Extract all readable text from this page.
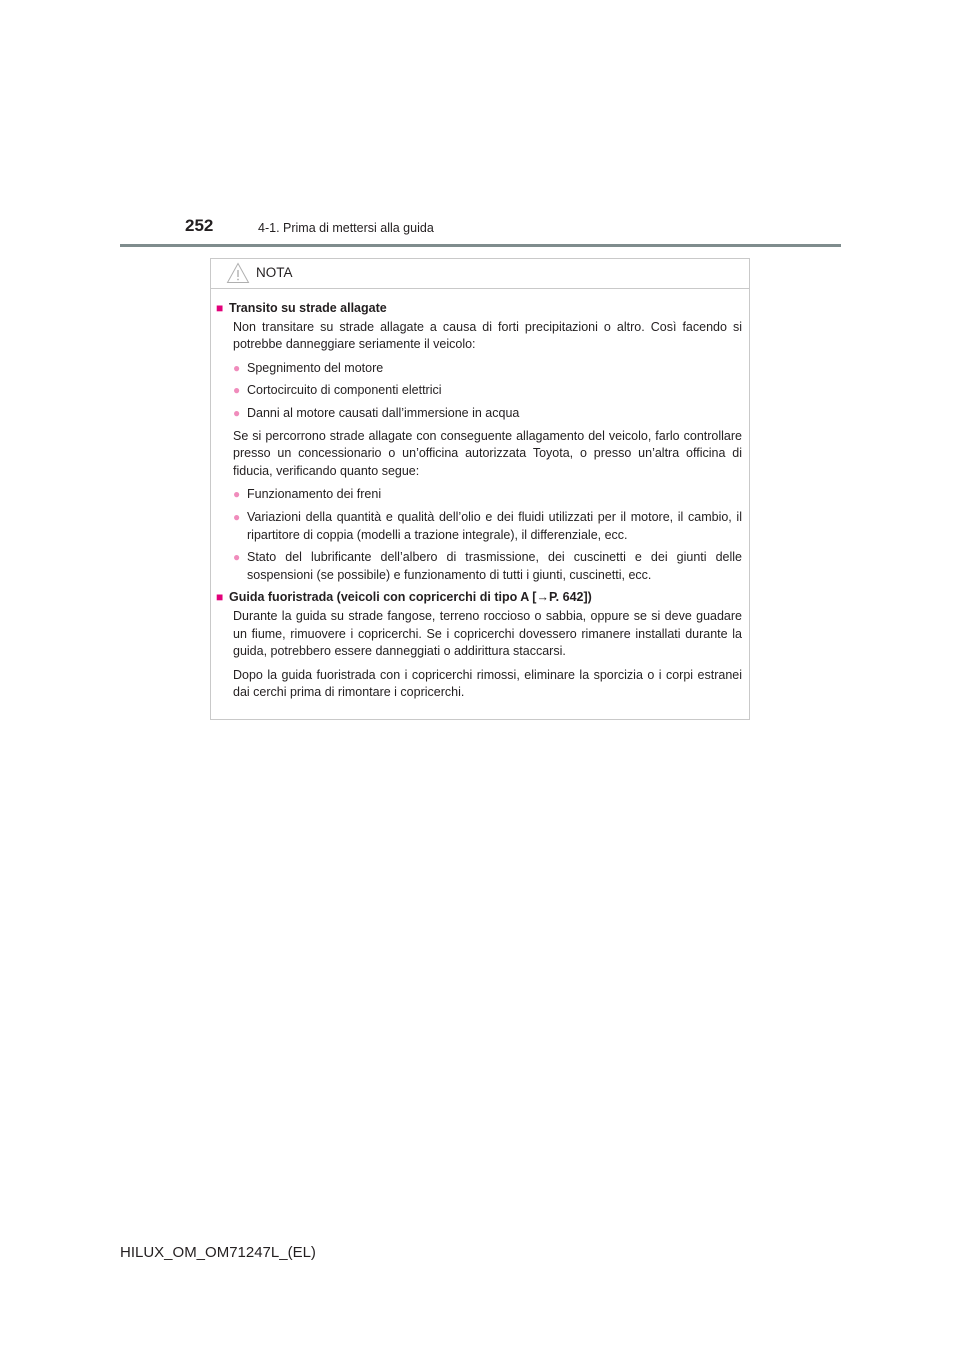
252	4-1. Prima di mettersi alla guida
NOTA
■ Transito su strade allagate

Non transitare su strade allagate a causa di forti precipitazioni o altro. Così facendo si potrebbe danneggiare seriamente il veicolo:

● Spegnimento del motore
● Cortocircuito di componenti elettrici
● Danni al motore causati dall’immersione in acqua

Se si percorrono strade allagate con conseguente allagamento del veicolo, farlo controllare presso un concessionario o un’officina autorizzata Toyota, o presso un’altra officina di fiducia, verificando quanto segue:

● Funzionamento dei freni
● Variazioni della quantità e qualità dell’olio e dei fluidi utilizzati per il motore, il cambio, il ripartitore di coppia (modelli a trazione integrale), il differenziale, ecc.
● Stato del lubrificante dell’albero di trasmissione, dei cuscinetti e dei giunti delle sospensioni (se possibile) e funzionamento di tutti i giunti, cuscinetti, ecc.
■ Guida fuoristrada (veicoli con copricerchi di tipo A [→P. 642])

Durante la guida su strade fangose, terreno roccioso o sabbia, oppure se si deve guadare un fiume, rimuovere i copricerchi. Se i copricerchi dovessero rimanere installati durante la guida, potrebbero essere danneggiati o addirittura staccarsi.

Dopo la guida fuoristrada con i copricerchi rimossi, eliminare la sporcizia o i corpi estranei dai cerchi prima di rimontare i copricerchi.

HILUX_OM_OM71247L_(EL)
